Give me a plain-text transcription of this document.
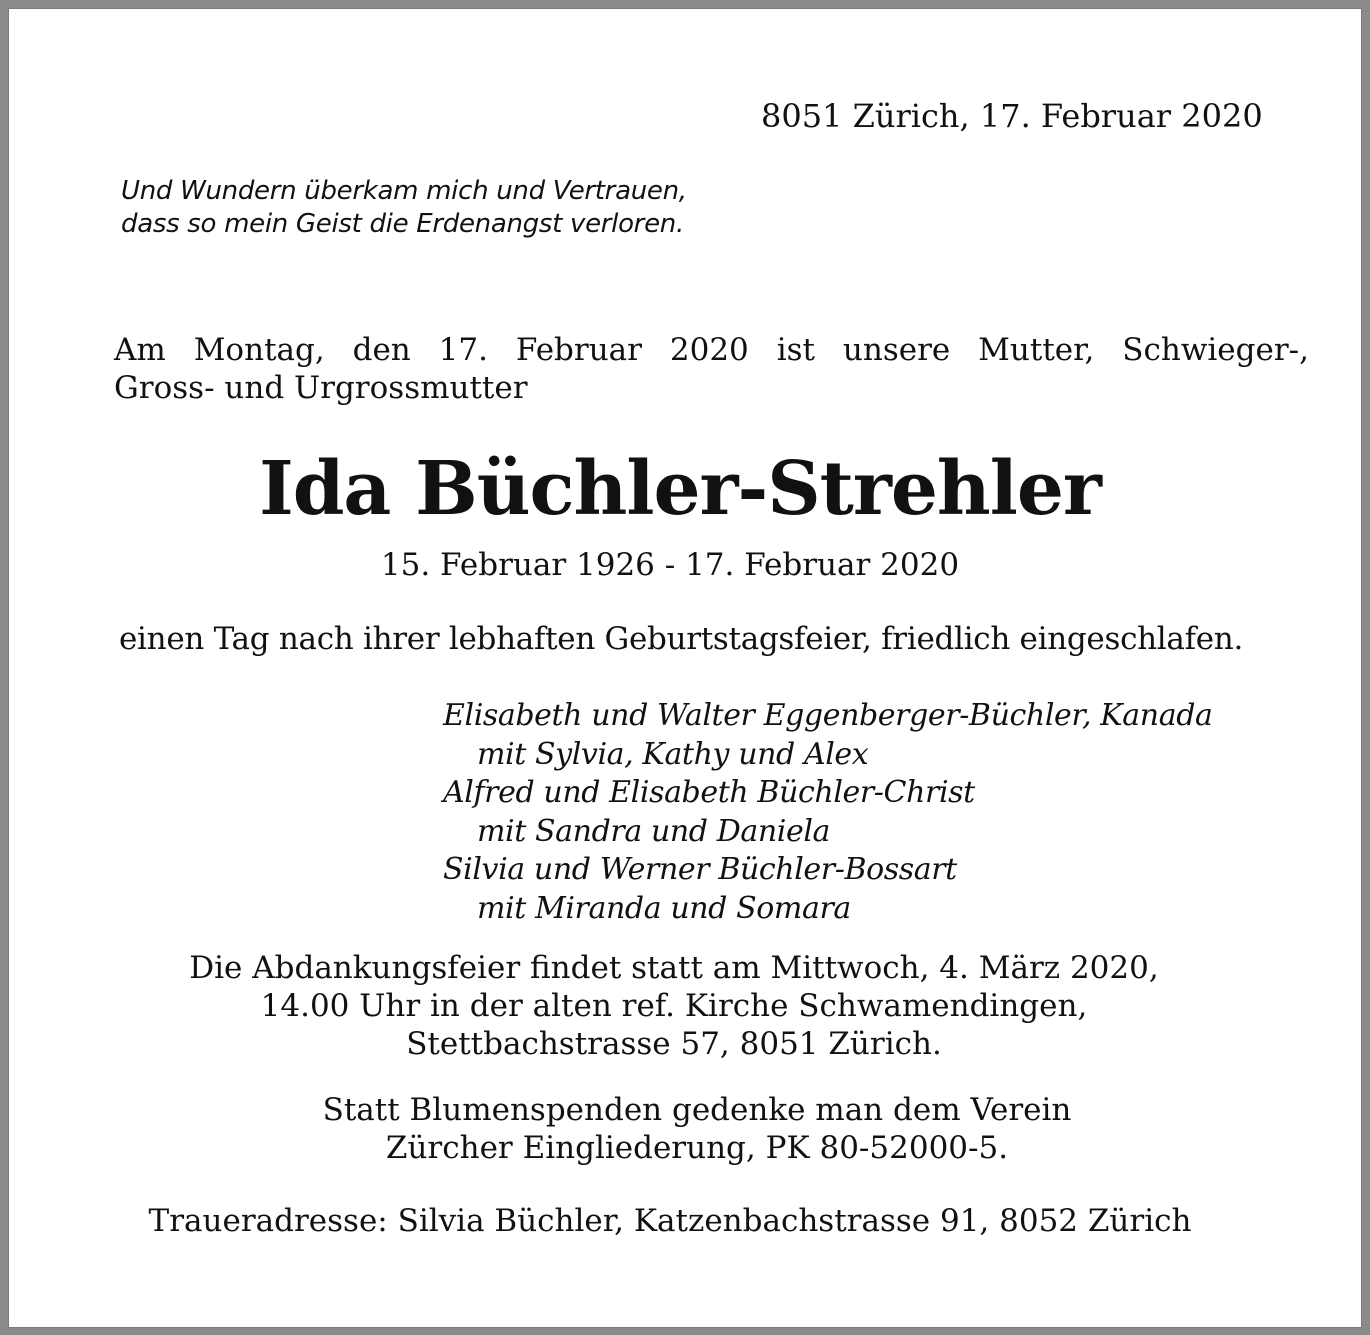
8051 Zürich, 17. Februar 2020
Und Wundern überkam mich und Vertrauen,
dass so mein Geist die Erdenangst verloren.
Am Montag, den 17. Februar 2020 ist unsere Mutter, Schwieger-,
Gross- und Urgrossmutter
Ida Büchler-Strehler
15. Februar 1926 - 17. Februar 2020
einen Tag nach ihrer lebhaften Geburtstagsfeier, friedlich eingeschlafen.
Elisabeth und Walter Eggenberger-Büchler, Kanada
mit Sylvia, Kathy und Alex
Alfred und Elisabeth Büchler-Christ
mit Sandra und Daniela
Silvia und Werner Büchler-Bossart
mit Miranda und Somara
Die Abdankungsfeier findet statt am Mittwoch, 4. März 2020,
14.00 Uhr in der alten ref. Kirche Schwamendingen,
Stettbachstrasse 57, 8051 Zürich.
Statt Blumenspenden gedenke man dem Verein
Zürcher Eingliederung, PK 80-52000-5.
Traueradresse: Silvia Büchler, Katzenbachstrasse 91, 8052 Zürich
